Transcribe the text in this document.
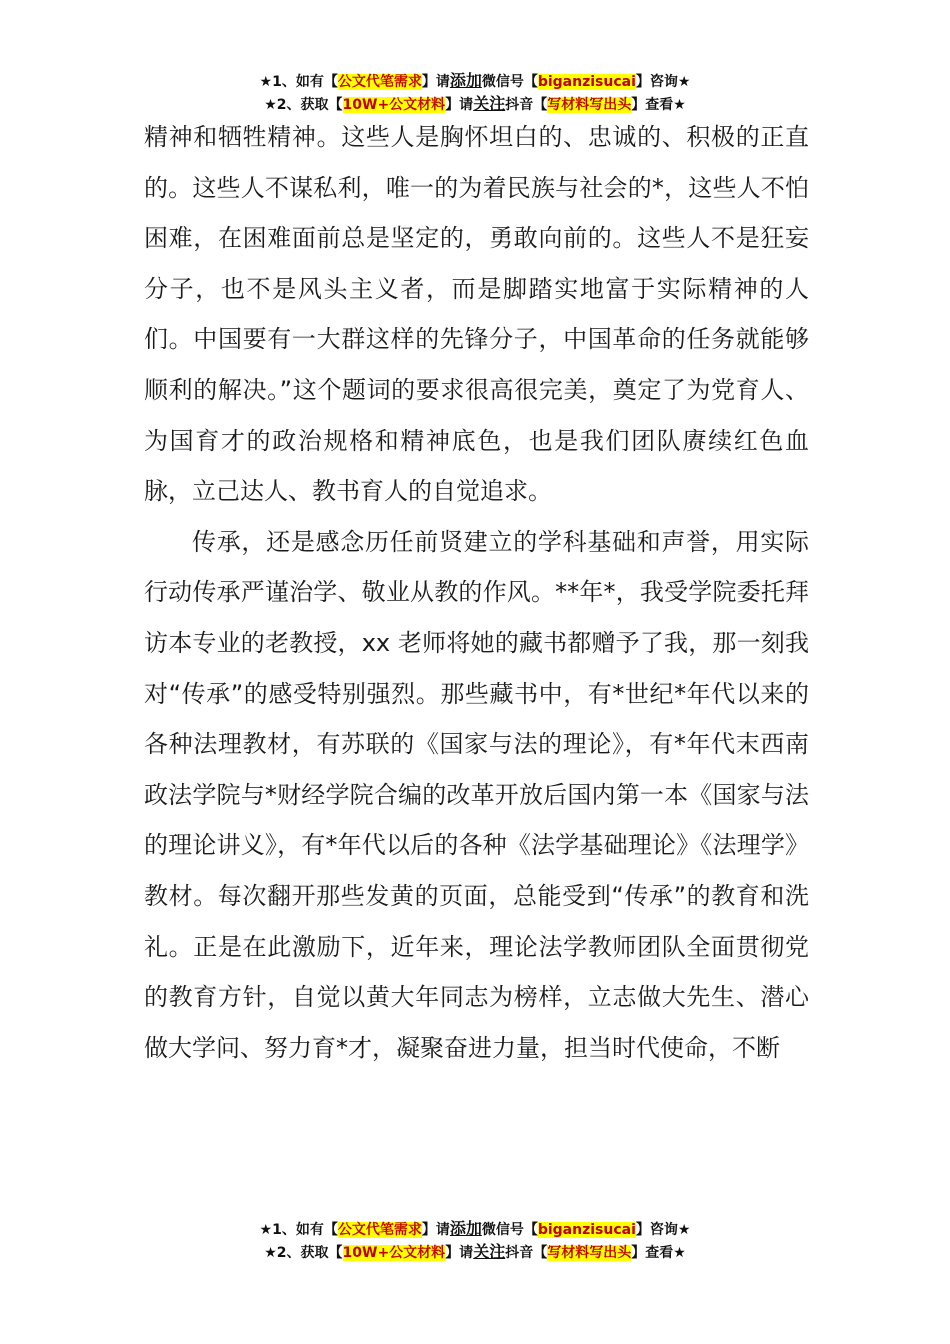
★1、如有【公文代笔需求】请添加微信号【biganzisucai】咨询★
★2、获取【10W+公文材料】请关注抖音【写材料写出头】查看★

精神和牺牲精神。这些人是胸怀坦白的、忠诚的、积极的正直的。这些人不谋私利，唯一的为着民族与社会的*，这些人不怕困难，在困难面前总是坚定的，勇敢向前的。这些人不是狂妄分子，也不是风头主义者，而是脚踏实地富于实际精神的人们。中国要有一大群这样的先锋分子，中国革命的任务就能够顺利的解决。”这个题词的要求很高很完美，奠定了为党育人、为国育才的政治规格和精神底色，也是我们团队赓续红色血脉，立己达人、教书育人的自觉追求。

传承，还是感念历任前贤建立的学科基础和声誉，用实际行动传承严谨治学、敬业从教的作风。**年*，我受学院委托拜访本专业的老教授，xx 老师将她的藏书都赠予了我，那一刻我对“传承”的感受特别强烈。那些藏书中，有*世纪*年代以来的各种法理教材，有苏联的《国家与法的理论》，有*年代末西南政法学院与*财经学院合编的改革开放后国内第一本《国家与法的理论讲义》，有*年代以后的各种《法学基础理论》《法理学》教材。每次翻开那些发黄的页面，总能受到“传承”的教育和洗礼。正是在此激励下，近年来，理论法学教师团队全面贯彻党的教育方针，自觉以黄大年同志为榜样，立志做大先生、潜心做大学问、努力育*才，凝聚奋进力量，担当时代使命，不断

★1、如有【公文代笔需求】请添加微信号【biganzisucai】咨询★
★2、获取【10W+公文材料】请关注抖音【写材料写出头】查看★
